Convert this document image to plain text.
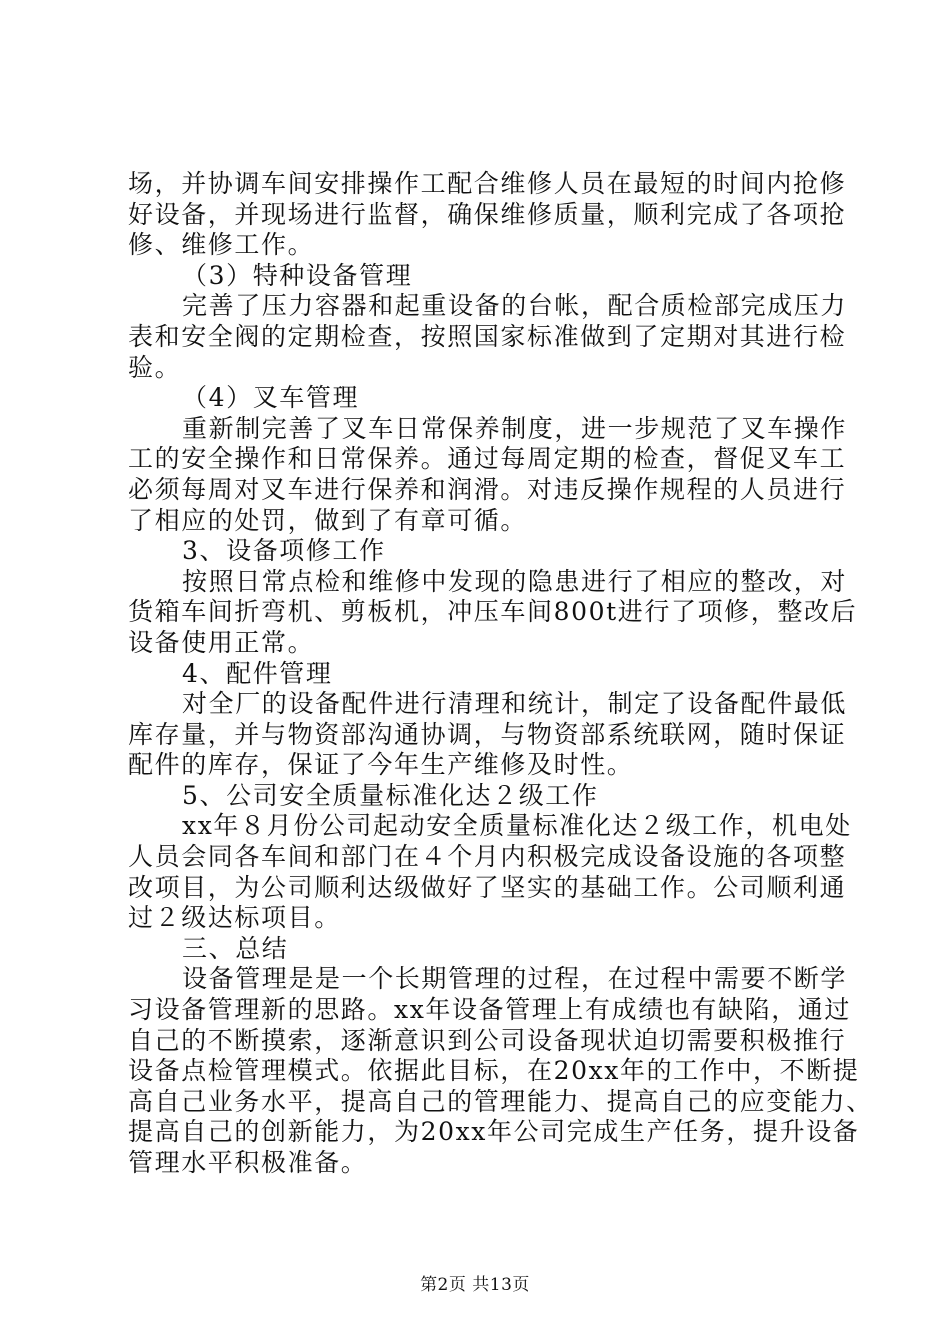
场，并协调车间安排操作工配合维修人员在最短的时间内抢修
好设备，并现场进行监督，确保维修质量，顺利完成了各项抢
修、维修工作。
（3）特种设备管理
完善了压力容器和起重设备的台帐，配合质检部完成压力
表和安全阀的定期检查，按照国家标准做到了定期对其进行检
验。
（4）叉车管理
重新制完善了叉车日常保养制度，进一步规范了叉车操作
工的安全操作和日常保养。通过每周定期的检查，督促叉车工
必须每周对叉车进行保养和润滑。对违反操作规程的人员进行
了相应的处罚，做到了有章可循。
3、设备项修工作
按照日常点检和维修中发现的隐患进行了相应的整改，对
货箱车间折弯机、剪板机，冲压车间800t进行了项修，整改后
设备使用正常。
4、配件管理
对全厂的设备配件进行清理和统计，制定了设备配件最低
库存量，并与物资部沟通协调，与物资部系统联网，随时保证
配件的库存，保证了今年生产维修及时性。
5、公司安全质量标准化达２级工作
xx年８月份公司起动安全质量标准化达２级工作，机电处
人员会同各车间和部门在４个月内积极完成设备设施的各项整
改项目，为公司顺利达级做好了坚实的基础工作。公司顺利通
过２级达标项目。
三、总结
设备管理是是一个长期管理的过程，在过程中需要不断学
习设备管理新的思路。xx年设备管理上有成绩也有缺陷，通过
自己的不断摸索，逐渐意识到公司设备现状迫切需要积极推行
设备点检管理模式。依据此目标，在20xx年的工作中，不断提
高自己业务水平，提高自己的管理能力、提高自己的应变能力、
提高自己的创新能力，为20xx年公司完成生产任务，提升设备
管理水平积极准备。
第2页 共13页
